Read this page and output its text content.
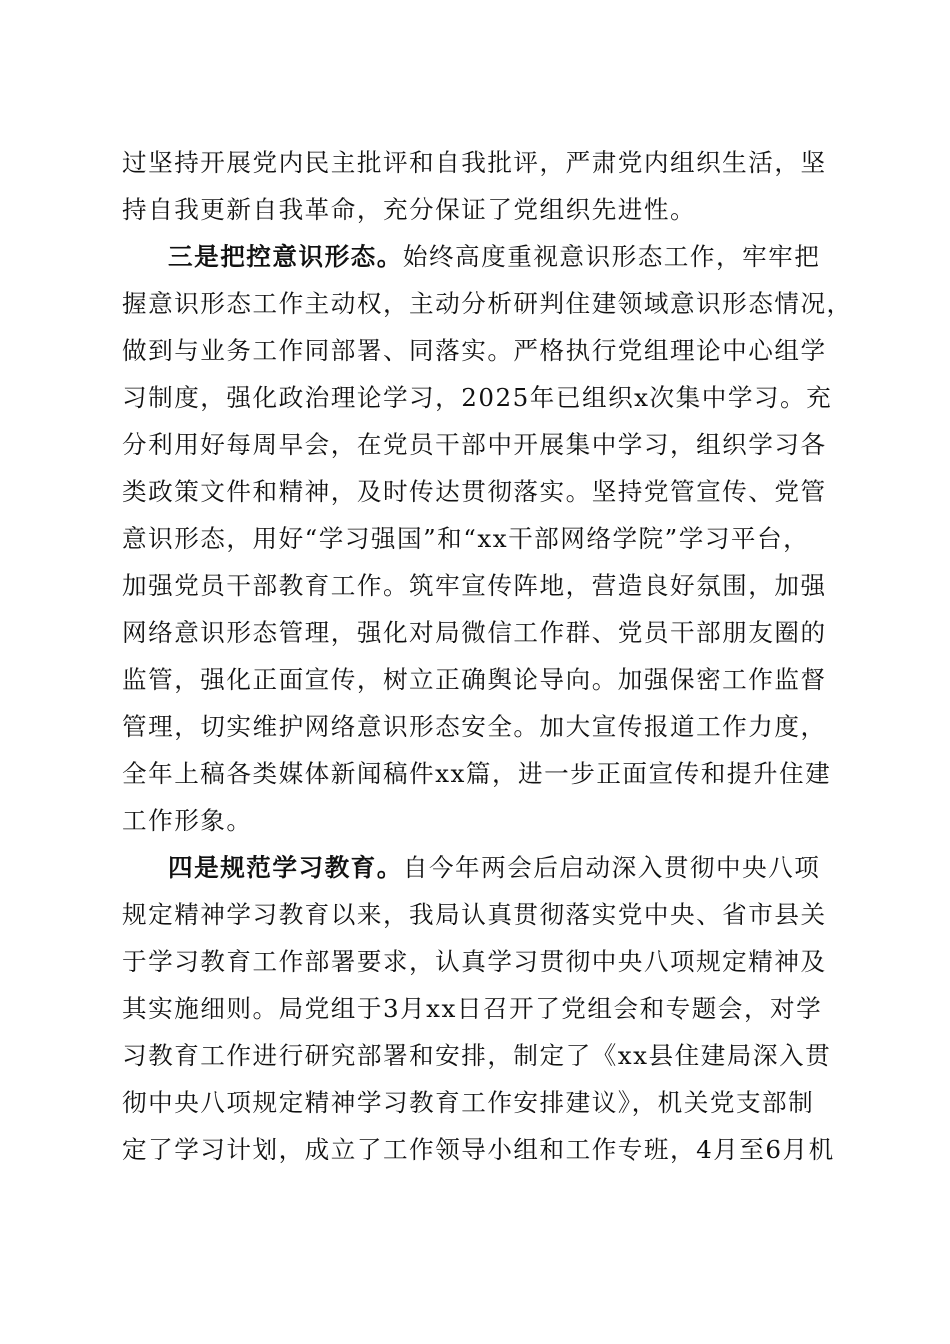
过坚持开展党内民主批评和自我批评，严肃党内组织生活，坚
持自我更新自我革命，充分保证了党组织先进性。
三是把控意识形态。始终高度重视意识形态工作，牢牢把
握意识形态工作主动权，主动分析研判住建领域意识形态情况，
做到与业务工作同部署、同落实。严格执行党组理论中心组学
习制度，强化政治理论学习，2025年已组织x次集中学习。充
分利用好每周早会，在党员干部中开展集中学习，组织学习各
类政策文件和精神，及时传达贯彻落实。坚持党管宣传、党管
意识形态，用好“学习强国”和“xx干部网络学院”学习平台，
加强党员干部教育工作。筑牢宣传阵地，营造良好氛围，加强
网络意识形态管理，强化对局微信工作群、党员干部朋友圈的
监管，强化正面宣传，树立正确舆论导向。加强保密工作监督
管理，切实维护网络意识形态安全。加大宣传报道工作力度，
全年上稿各类媒体新闻稿件xx篇，进一步正面宣传和提升住建
工作形象。
四是规范学习教育。自今年两会后启动深入贯彻中央八项
规定精神学习教育以来，我局认真贯彻落实党中央、省市县关
于学习教育工作部署要求，认真学习贯彻中央八项规定精神及
其实施细则。局党组于3月xx日召开了党组会和专题会，对学
习教育工作进行研究部署和安排，制定了《xx县住建局深入贯
彻中央八项规定精神学习教育工作安排建议》，机关党支部制
定了学习计划，成立了工作领导小组和工作专班，4月至6月机
